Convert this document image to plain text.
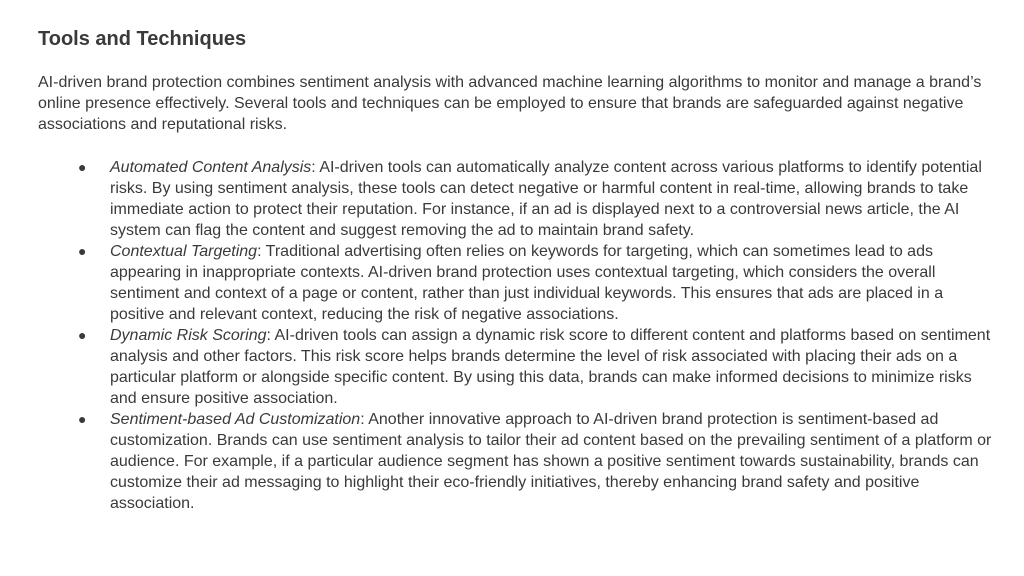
Tools and Techniques

AI-driven brand protection combines sentiment analysis with advanced machine learning algorithms to monitor and manage a brand’s online presence effectively. Several tools and techniques can be employed to ensure that brands are safeguarded against negative associations and reputational risks.

● Automated Content Analysis: AI-driven tools can automatically analyze content across various platforms to identify potential risks. By using sentiment analysis, these tools can detect negative or harmful content in real-time, allowing brands to take immediate action to protect their reputation. For instance, if an ad is displayed next to a controversial news article, the AI system can flag the content and suggest removing the ad to maintain brand safety.
● Contextual Targeting: Traditional advertising often relies on keywords for targeting, which can sometimes lead to ads appearing in inappropriate contexts. AI-driven brand protection uses contextual targeting, which considers the overall sentiment and context of a page or content, rather than just individual keywords. This ensures that ads are placed in a positive and relevant context, reducing the risk of negative associations.
● Dynamic Risk Scoring: AI-driven tools can assign a dynamic risk score to different content and platforms based on sentiment analysis and other factors. This risk score helps brands determine the level of risk associated with placing their ads on a particular platform or alongside specific content. By using this data, brands can make informed decisions to minimize risks and ensure positive association.
● Sentiment-based Ad Customization: Another innovative approach to AI-driven brand protection is sentiment-based ad customization. Brands can use sentiment analysis to tailor their ad content based on the prevailing sentiment of a platform or audience. For example, if a particular audience segment has shown a positive sentiment towards sustainability, brands can customize their ad messaging to highlight their eco-friendly initiatives, thereby enhancing brand safety and positive association.
